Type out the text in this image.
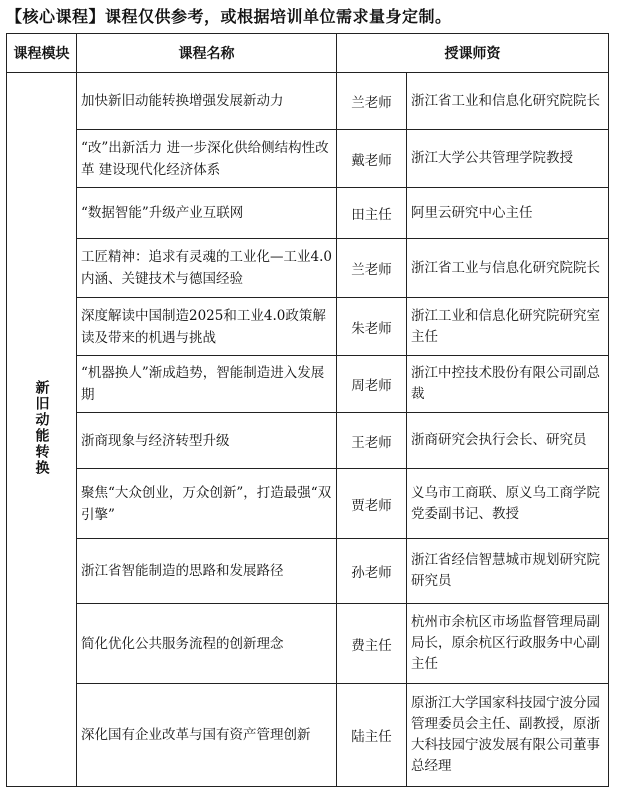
【核心课程】课程仅供参考，或根据培训单位需求量身定制。
课程模块	课程名称	授课师资	
新旧动能转换	加快新旧动能转换增强发展新动力	兰老师	浙江省工业和信息化研究院院长
	“改”出新活力 进一步深化供给侧结构性改革 建设现代化经济体系	戴老师	浙江大学公共管理学院教授
	“数据智能”升级产业互联网	田主任	阿里云研究中心主任
	工匠精神：追求有灵魂的工业化—工业4.0内涵、关键技术与德国经验	兰老师	浙江省工业与信息化研究院院长
	深度解读中国制造2025和工业4.0政策解读及带来的机遇与挑战	朱老师	浙江工业和信息化研究院研究室主任
	“机器换人”渐成趋势，智能制造进入发展期	周老师	浙江中控技术股份有限公司副总裁
	浙商现象与经济转型升级	王老师	浙商研究会执行会长、研究员
	聚焦“大众创业，万众创新”，打造最强“双引擎”	贾老师	义乌市工商联、原义乌工商学院党委副书记、教授
	浙江省智能制造的思路和发展路径	孙老师	浙江省经信智慧城市规划研究院研究员
	简化优化公共服务流程的创新理念	费主任	杭州市余杭区市场监督管理局副局长，原余杭区行政服务中心副主任
	深化国有企业改革与国有资产管理创新	陆主任	原浙江大学国家科技园宁波分园管理委员会主任、副教授，原浙大科技园宁波发展有限公司董事总经理
